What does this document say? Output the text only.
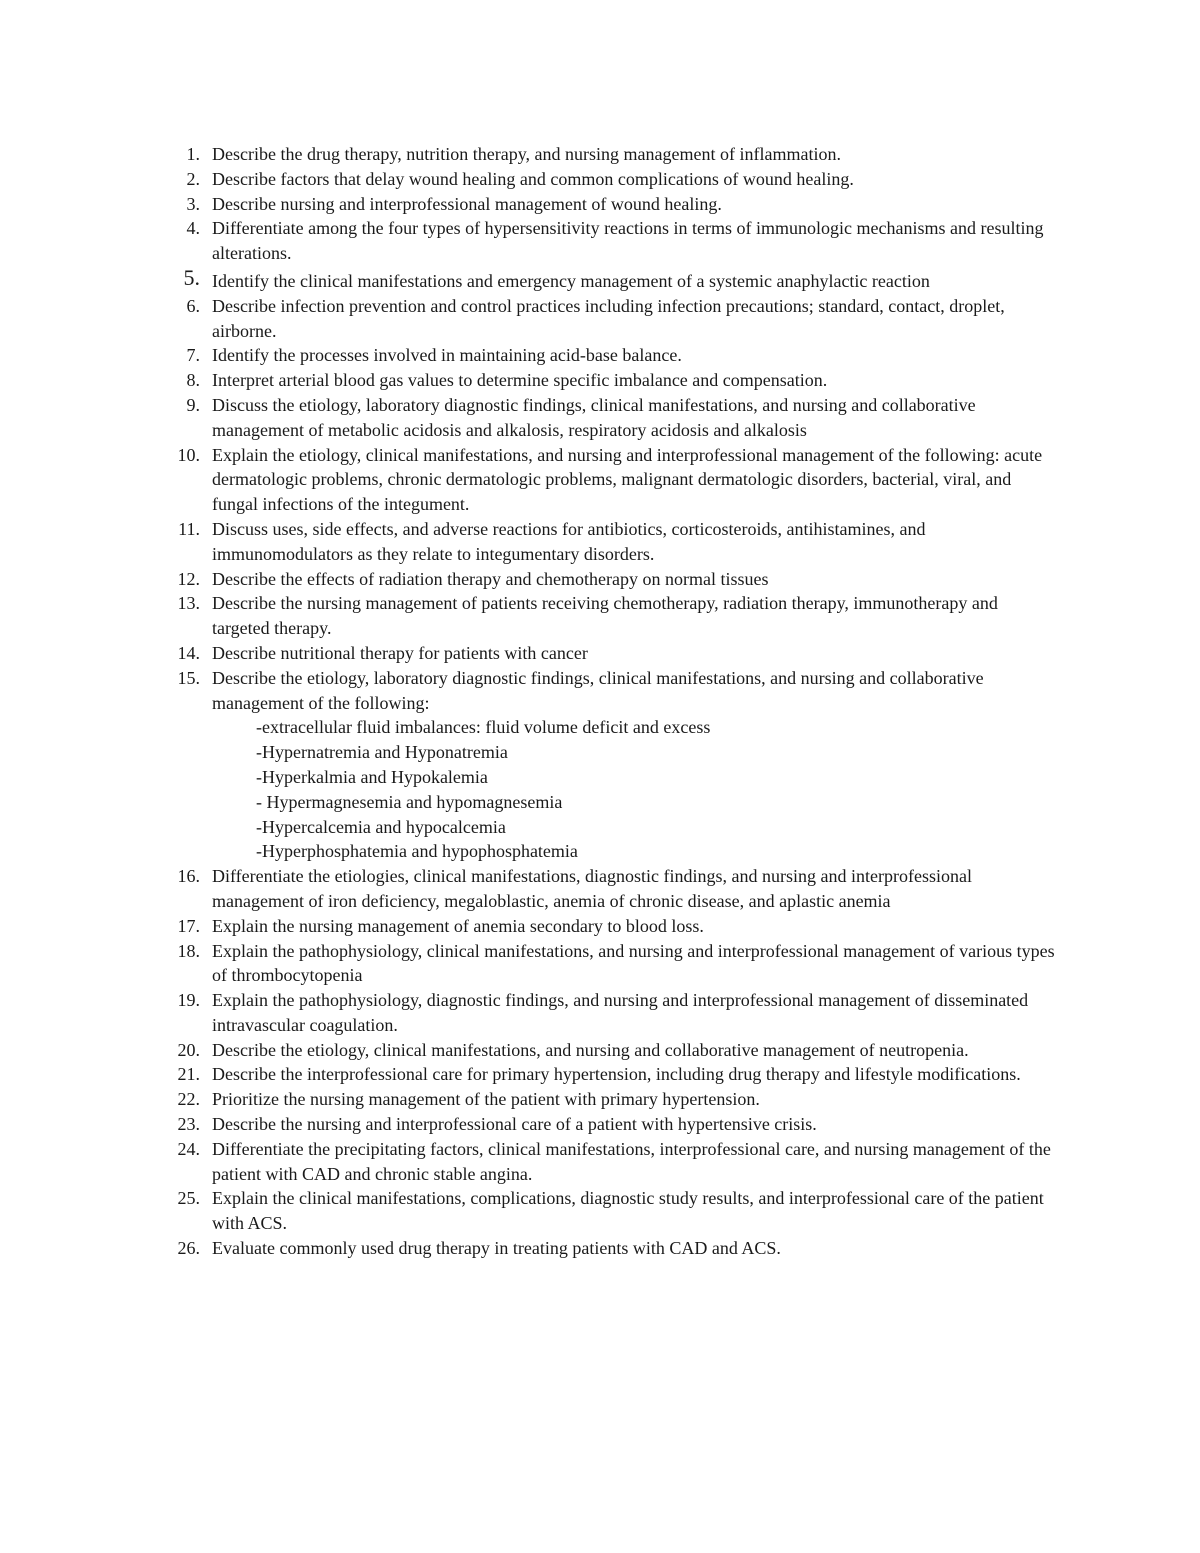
1. Describe the drug therapy, nutrition therapy, and nursing management of inflammation.
2. Describe factors that delay wound healing and common complications of wound healing.
3. Describe nursing and interprofessional management of wound healing.
4. Differentiate among the four types of hypersensitivity reactions in terms of immunologic mechanisms and resulting alterations.
5. Identify the clinical manifestations and emergency management of a systemic anaphylactic reaction
6. Describe infection prevention and control practices including infection precautions; standard, contact, droplet, airborne.
7. Identify the processes involved in maintaining acid-base balance.
8. Interpret arterial blood gas values to determine specific imbalance and compensation.
9. Discuss the etiology, laboratory diagnostic findings, clinical manifestations, and nursing and collaborative management of metabolic acidosis and alkalosis, respiratory acidosis and alkalosis
10. Explain the etiology, clinical manifestations, and nursing and interprofessional management of the following: acute dermatologic problems, chronic dermatologic problems, malignant dermatologic disorders, bacterial, viral, and fungal infections of the integument.
11. Discuss uses, side effects, and adverse reactions for antibiotics, corticosteroids, antihistamines, and immunomodulators as they relate to integumentary disorders.
12. Describe the effects of radiation therapy and chemotherapy on normal tissues
13. Describe the nursing management of patients receiving chemotherapy, radiation therapy, immunotherapy and targeted therapy.
14. Describe nutritional therapy for patients with cancer
15. Describe the etiology, laboratory diagnostic findings, clinical manifestations, and nursing and collaborative management of the following:
-extracellular fluid imbalances: fluid volume deficit and excess
-Hypernatremia and Hyponatremia
-Hyperkalmia and Hypokalemia
- Hypermagnesemia and hypomagnesemia
-Hypercalcemia and hypocalcemia
-Hyperphosphatemia and hypophosphatemia
16. Differentiate the etiologies, clinical manifestations, diagnostic findings, and nursing and interprofessional management of iron deficiency, megaloblastic, anemia of chronic disease, and aplastic anemia
17. Explain the nursing management of anemia secondary to blood loss.
18. Explain the pathophysiology, clinical manifestations, and nursing and interprofessional management of various types of thrombocytopenia
19. Explain the pathophysiology, diagnostic findings, and nursing and interprofessional management of disseminated intravascular coagulation.
20. Describe the etiology, clinical manifestations, and nursing and collaborative management of neutropenia.
21. Describe the interprofessional care for primary hypertension, including drug therapy and lifestyle modifications.
22. Prioritize the nursing management of the patient with primary hypertension.
23. Describe the nursing and interprofessional care of a patient with hypertensive crisis.
24. Differentiate the precipitating factors, clinical manifestations, interprofessional care, and nursing management of the patient with CAD and chronic stable angina.
25. Explain the clinical manifestations, complications, diagnostic study results, and interprofessional care of the patient with ACS.
26. Evaluate commonly used drug therapy in treating patients with CAD and ACS.
